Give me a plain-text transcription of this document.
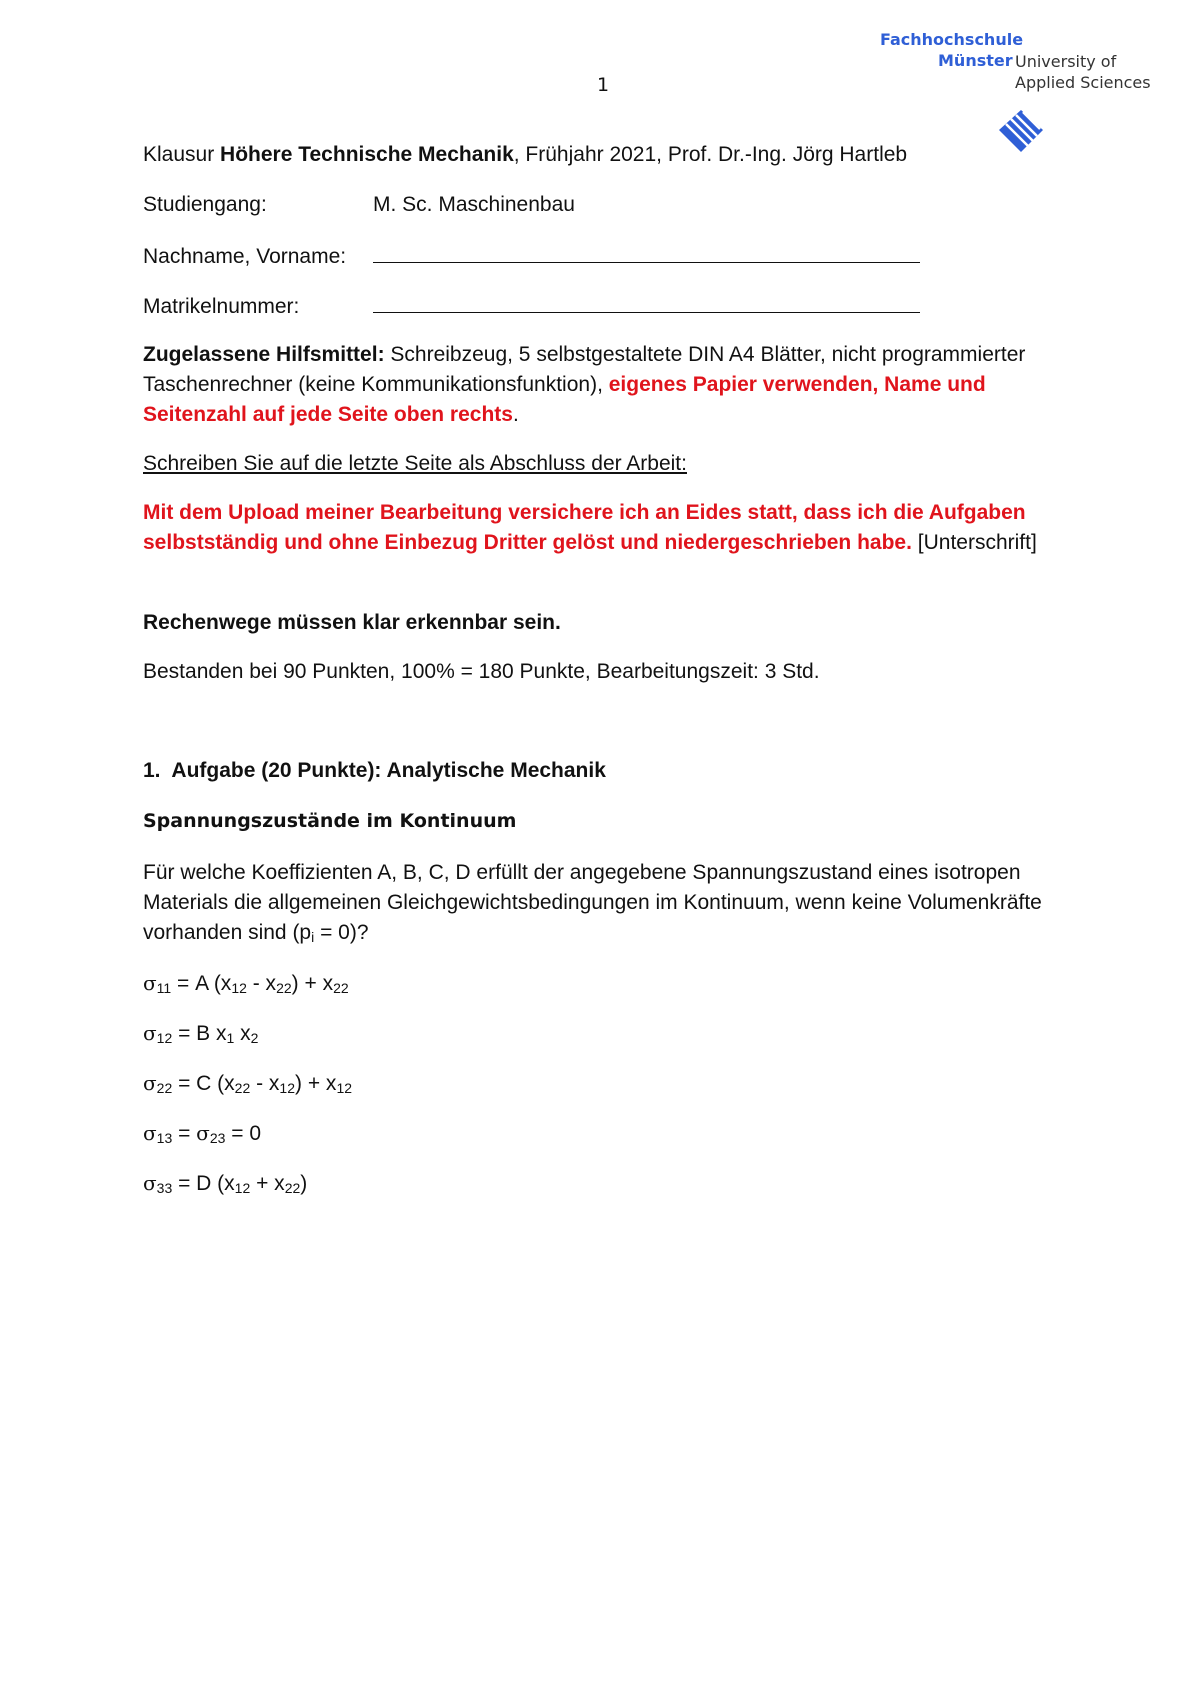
Fachhochschule
Münster University of
Applied Sciences
1
Klausur Höhere Technische Mechanik, Frühjahr 2021, Prof. Dr.-Ing. Jörg Hartleb
Studiengang:	M. Sc. Maschinenbau
Nachname, Vorname:
Matrikelnummer:
Zugelassene Hilfsmittel: Schreibzeug, 5 selbstgestaltete DIN A4 Blätter, nicht programmierter Taschenrechner (keine Kommunikationsfunktion), eigenes Papier verwenden, Name und Seitenzahl auf jede Seite oben rechts.
Schreiben Sie auf die letzte Seite als Abschluss der Arbeit:
Mit dem Upload meiner Bearbeitung versichere ich an Eides statt, dass ich die Aufgaben selbstständig und ohne Einbezug Dritter gelöst und niedergeschrieben habe. [Unterschrift]
Rechenwege müssen klar erkennbar sein.
Bestanden bei 90 Punkten, 100% = 180 Punkte, Bearbeitungszeit: 3 Std.
1. Aufgabe (20 Punkte): Analytische Mechanik
Spannungszustände im Kontinuum
Für welche Koeffizienten A, B, C, D erfüllt der angegebene Spannungszustand eines isotropen Materials die allgemeinen Gleichgewichtsbedingungen im Kontinuum, wenn keine Volumenkräfte vorhanden sind $(p_i = 0)$?
$\sigma_{11} = A$ $(x_{12} - x_{22}) + x_{22}$
$\sigma_{12} = B$ $x_1$ $x_2$
$\sigma_{22} = C$ $(x_{22} - x_{12}) + x_{12}$
$\sigma_{13} = \sigma_{23} = 0$
$\sigma_{33} = D$ $(x_{12} + x_{22})$
